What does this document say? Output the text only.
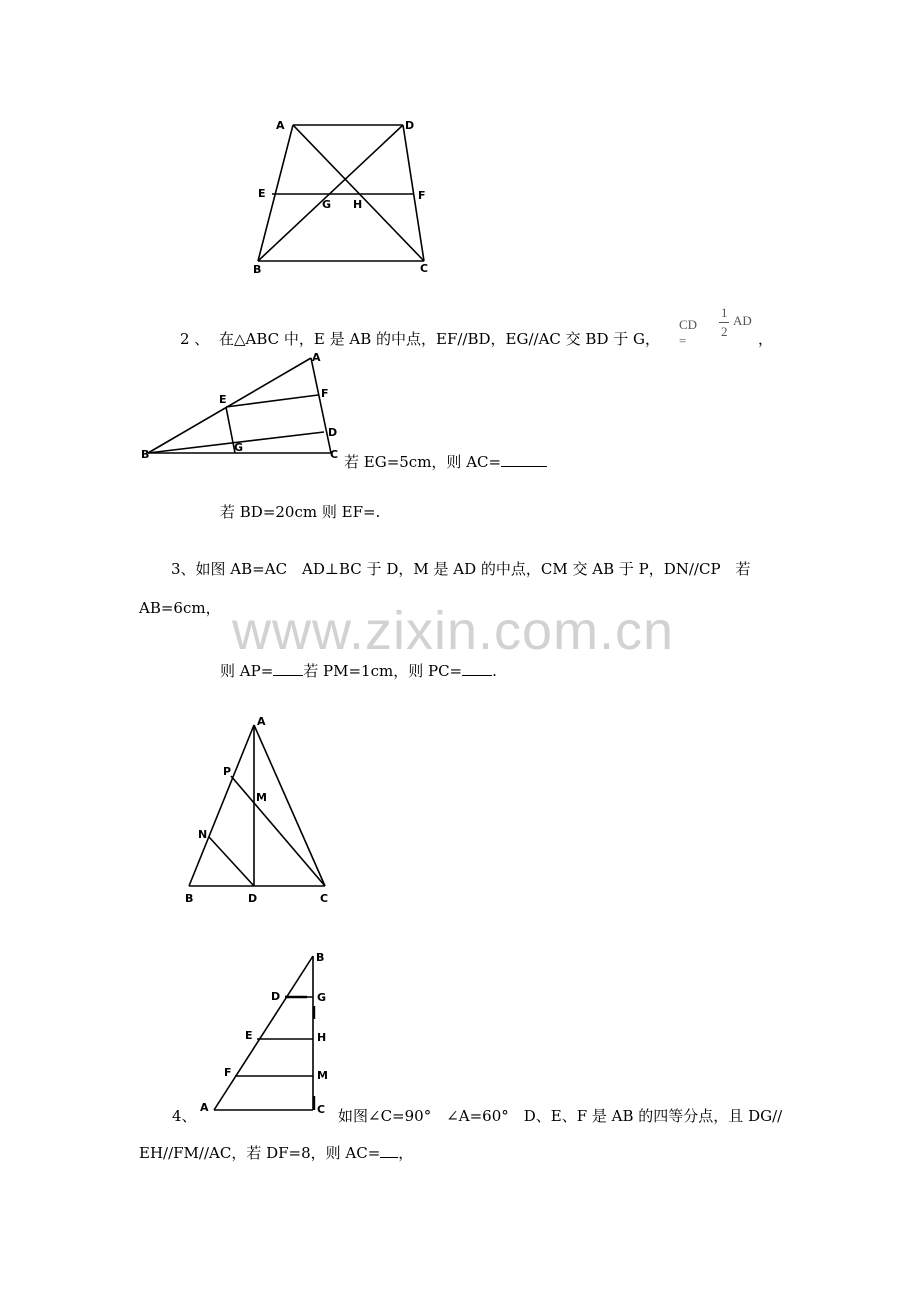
www.zixin.com.cn
A	D
E	F
G H
B	C
2 、 在△ABC 中，E 是 AB 的中点，EF∕∕BD，EG∕∕AC 交 BD 于 G，
CD =
1
2
AD
，
A
F
E
D
B
G
C 若 EG=5cm，则 AC=
若 BD=20cm 则 EF=.
3、如图 AB=AC　AD⊥BC 于 D，M 是 AD 的中点，CM 交 AB 于 P，DN∕∕CP　若
AB=6cm，
则 AP= 若 PM=1cm，则 PC= .
A
P
M
N
B	D	C
B
D	G
E	H
F	M
A	C
4、	如图∠C=90°　∠A=60°　D、E、F 是 AB 的四等分点，且 DG∕∕
EH∕∕FM∕∕AC，若 DF=8，则 AC= ，
